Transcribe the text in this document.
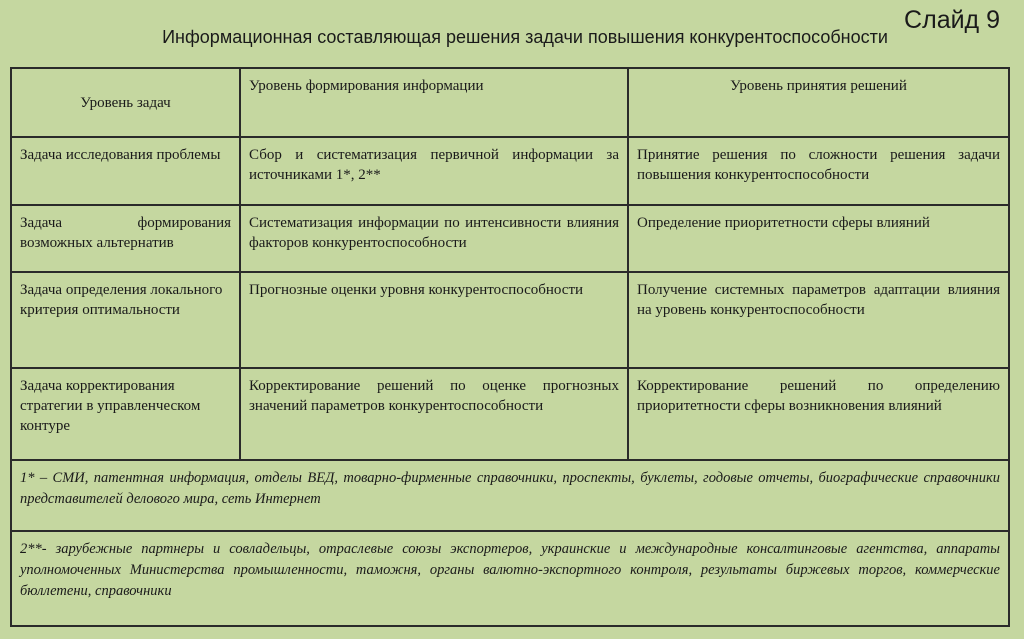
Слайд 9
Информационная составляющая решения задачи повышения конкурентоспособности
Уровень задач	Уровень формирования информации	Уровень принятия решений
Задача исследования проблемы	Сбор и систематизация первичной информации за источниками 1*, 2**	Принятие решения по сложности решения задачи повышения конкурентоспособности
Задача формирования возможных альтернатив	Систематизация информации по интенсивности влияния факторов конкурентоспособности	Определение приоритетности сферы влияний
Задача определения локального критерия оптимальности	Прогнозные оценки уровня конкурентоспособности	Получение системных параметров адаптации влияния на уровень конкурентоспособности
Задача корректирования стратегии в управленческом контуре	Корректирование решений по оценке прогнозных значений параметров конкурентоспособности	Корректирование решений по определению приоритетности сферы возникновения влияний
1* – СМИ, патентная информация, отделы ВЕД, товарно-фирменные справочники, проспекты, буклеты, годовые отчеты, биографические справочники представителей делового мира, сеть Интернет		
2**- зарубежные партнеры и совладельцы, отраслевые союзы экспортеров, украинские и международные консалтинговые агентства, аппараты уполномоченных Министерства промышленности, таможня, органы валютно-экспортного контроля, результаты биржевых торгов, коммерческие бюллетени, справочники		
